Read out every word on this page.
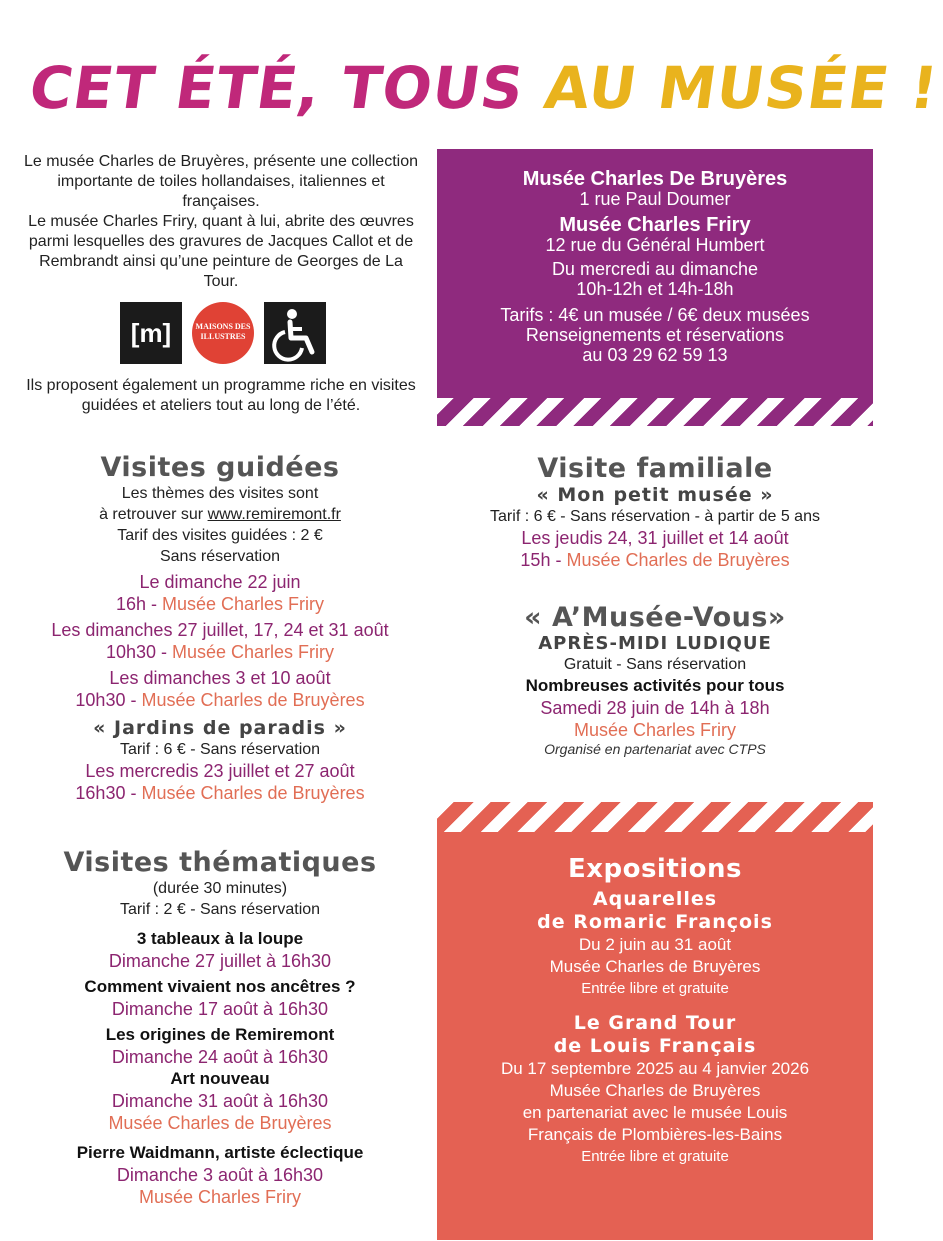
CET ÉTÉ, TOUS AU MUSÉE !
Le musée Charles de Bruyères, présente une collection importante de toiles hollandaises, italiennes et françaises.
Le musée Charles Friry, quant à lui, abrite des œuvres parmi lesquelles des gravures de Jacques Callot et de Rembrandt ainsi qu’une peinture de Georges de La Tour.
[m]	MAISONS DES ILLUSTRES
Ils proposent également un programme riche en visites guidées et ateliers tout au long de l’été.
Musée Charles De Bruyères
1 rue Paul Doumer
Musée Charles Friry
12 rue du Général Humbert
Du mercredi au dimanche
10h-12h et 14h-18h
Tarifs : 4€ un musée / 6€ deux musées
Renseignements et réservations
au 03 29 62 59 13
Visites guidées
Les thèmes des visites sont
à retrouver sur www.remiremont.fr
Tarif des visites guidées : 2 €
Sans réservation
Le dimanche 22 juin
16h - Musée Charles Friry
Les dimanches 27 juillet, 17, 24 et 31 août
10h30 - Musée Charles Friry
Les dimanches 3 et 10 août
10h30 - Musée Charles de Bruyères
« Jardins de paradis »
Tarif : 6 € - Sans réservation
Les mercredis 23 juillet et 27 août
16h30 - Musée Charles de Bruyères
Visite familiale
« Mon petit musée »
Tarif : 6 € - Sans réservation - à partir de 5 ans
Les jeudis 24, 31 juillet et 14 août
15h - Musée Charles de Bruyères
« A’Musée-Vous»
APRÈS-MIDI LUDIQUE
Gratuit - Sans réservation
Nombreuses activités pour tous
Samedi 28 juin de 14h à 18h
Musée Charles Friry
Organisé en partenariat avec CTPS
Visites thématiques
(durée 30 minutes)
Tarif : 2 € - Sans réservation
3 tableaux à la loupe
Dimanche 27 juillet à 16h30
Comment vivaient nos ancêtres ?
Dimanche 17 août à 16h30
Les origines de Remiremont
Dimanche 24 août à 16h30
Art nouveau
Dimanche 31 août à 16h30
Musée Charles de Bruyères
Pierre Waidmann, artiste éclectique
Dimanche 3 août à 16h30
Musée Charles Friry
Expositions
Aquarelles
de Romaric François
Du 2 juin au 31 août
Musée Charles de Bruyères
Entrée libre et gratuite
Le Grand Tour
de Louis Français
Du 17 septembre 2025 au 4 janvier 2026
Musée Charles de Bruyères
en partenariat avec le musée Louis
Français de Plombières-les-Bains
Entrée libre et gratuite
